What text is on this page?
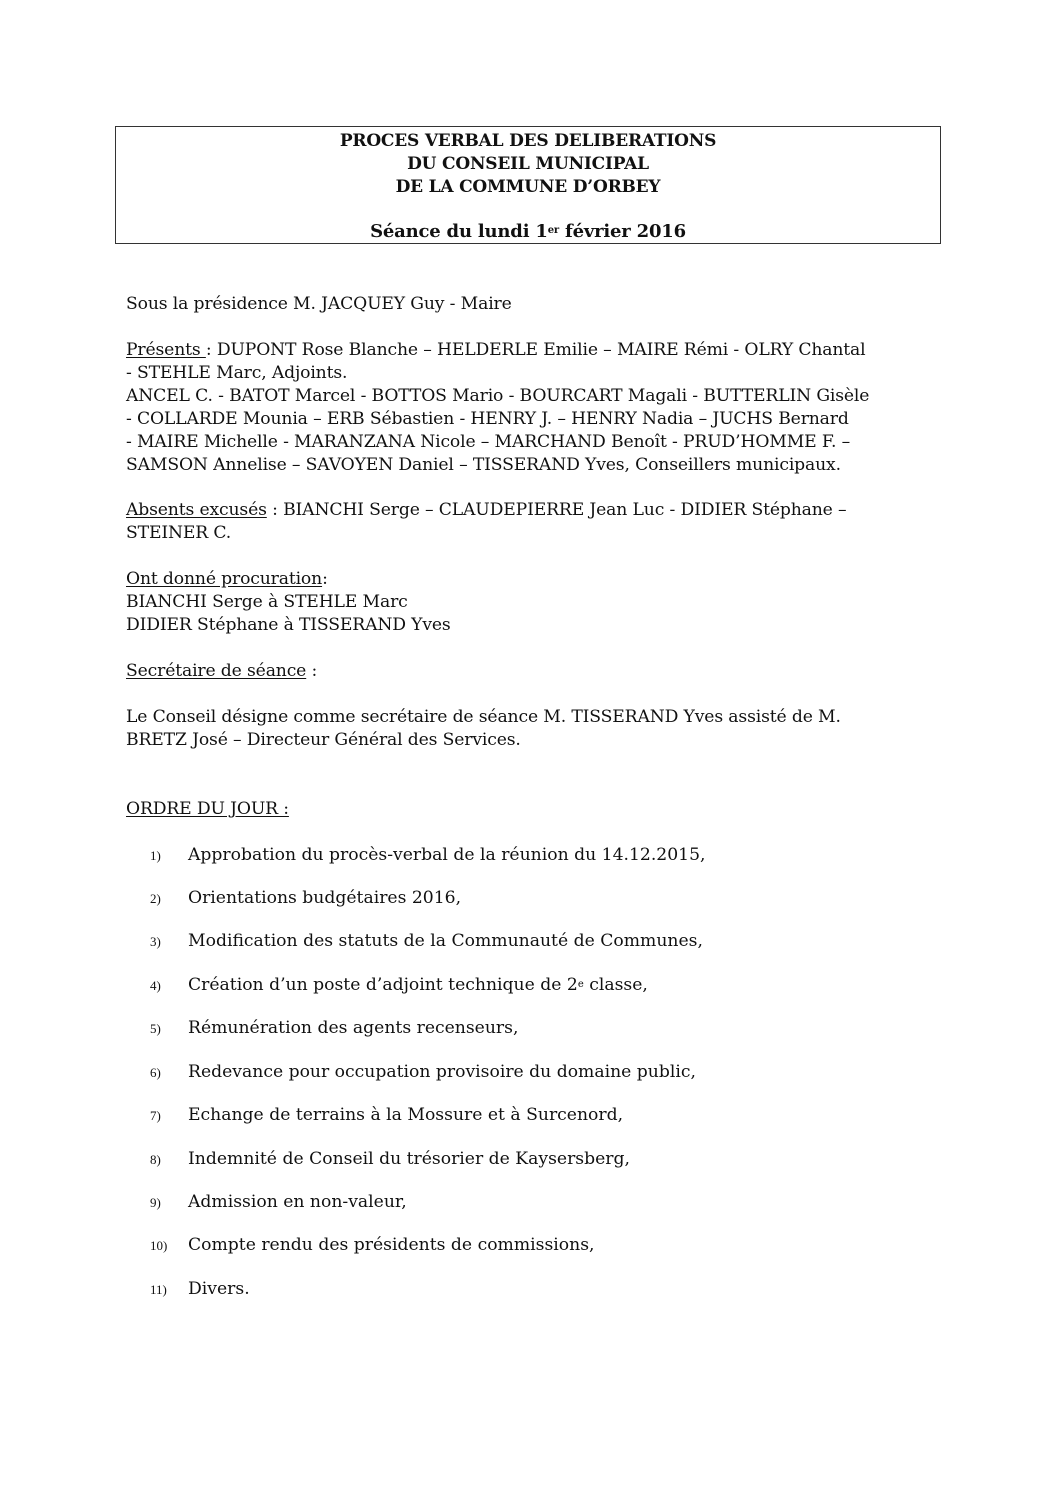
PROCES VERBAL DES DELIBERATIONS
DU CONSEIL MUNICIPAL
DE LA COMMUNE D’ORBEY
Séance du lundi 1er février 2016
Sous la présidence M. JACQUEY Guy - Maire
Présents : DUPONT Rose Blanche – HELDERLE Emilie – MAIRE Rémi - OLRY Chantal
- STEHLE Marc, Adjoints.
ANCEL C. - BATOT Marcel - BOTTOS Mario - BOURCART Magali - BUTTERLIN Gisèle
- COLLARDE Mounia – ERB Sébastien - HENRY J. – HENRY Nadia – JUCHS Bernard
- MAIRE Michelle - MARANZANA Nicole – MARCHAND Benoît - PRUD’HOMME F. –
SAMSON Annelise – SAVOYEN Daniel – TISSERAND Yves, Conseillers municipaux.
Absents excusés : BIANCHI Serge – CLAUDEPIERRE Jean Luc - DIDIER Stéphane –
STEINER C.
Ont donné procuration:
BIANCHI Serge à STEHLE Marc
DIDIER Stéphane à TISSERAND Yves
Secrétaire de séance :
Le Conseil désigne comme secrétaire de séance M. TISSERAND Yves assisté de M.
BRETZ José – Directeur Général des Services.
ORDRE DU JOUR :
1) Approbation du procès-verbal de la réunion du 14.12.2015,
2) Orientations budgétaires 2016,
3) Modification des statuts de la Communauté de Communes,
4) Création d’un poste d’adjoint technique de 2e classe,
5) Rémunération des agents recenseurs,
6) Redevance pour occupation provisoire du domaine public,
7) Echange de terrains à la Mossure et à Surcenord,
8) Indemnité de Conseil du trésorier de Kaysersberg,
9) Admission en non-valeur,
10) Compte rendu des présidents de commissions,
11) Divers.
